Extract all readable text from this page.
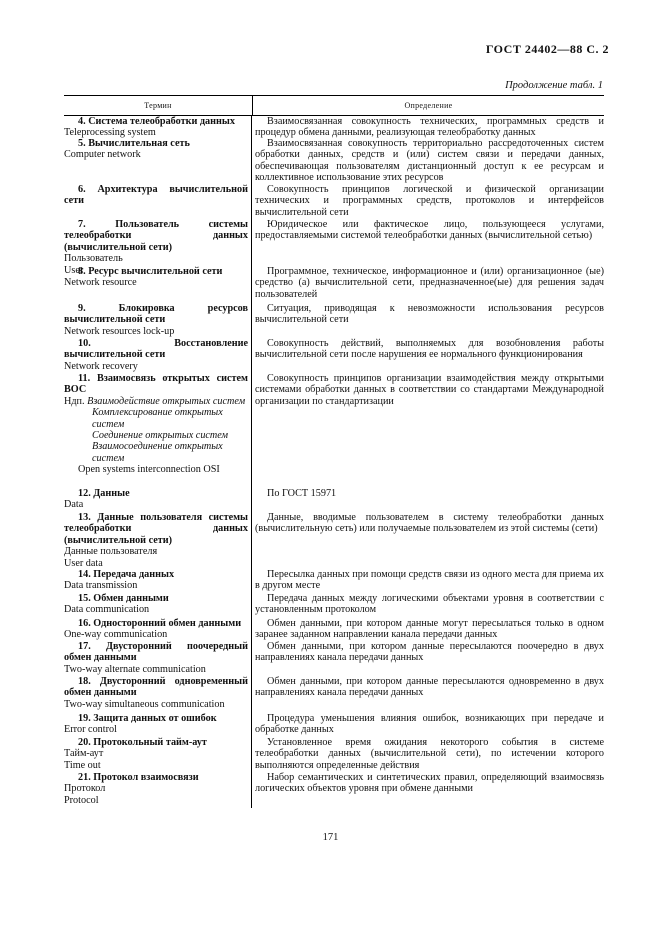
ГОСТ 24402—88 С. 2
Продолжение табл. 1
Термин	Определение
4. Система телеобработки данных
Teleprocessing system
Взаимосвязанная совокупность технических, программных средств и процедур обмена данными, реализующая телеобработку данных
5. Вычислительная сеть
Computer network
Взаимосвязанная совокупность территориально рассредоточенных систем обработки данных, средств и (или) систем связи и передачи данных, обеспечивающая пользователям дистанционный доступ к ее ресурсам и коллективное использование этих ресурсов
6. Архитектура вычислительной сети
Совокупность принципов логической и физической организации технических и программных средств, протоколов и интерфейсов вычислительной сети
7. Пользователь системы телеобработки данных (вычислительной сети)
Пользователь
User
Юридическое или фактическое лицо, пользующееся услугами, предоставляемыми системой телеобработки данных (вычислительной сетью)
8. Ресурс вычислительной сети
Network resource
Программное, техническое, информационное и (или) организационное (ые) средство (а) вычислительной сети, предназначенное(ые) для решения задач пользователей
9. Блокировка ресурсов вычислительной сети
Network resources lock-up
Ситуация, приводящая к невозможности использования ресурсов вычислительной сети
10. Восстановление вычислительной сети
Network recovery
Совокупность действий, выполняемых для возобновления работы вычислительной сети после нарушения ее нормального функционирования
11. Взаимосвязь открытых систем ВОС
Ндп. Взаимодействие открытых систем
Комплексирование открытых систем
Соединение открытых систем
Взаимосоединение открытых систем
Open systems interconnection OSI
Совокупность принципов организации взаимодействия между открытыми системами обработки данных в соответствии со стандартами Международной организации по стандартизации
12. Данные
Data
По ГОСТ 15971
13. Данные пользователя системы телеобработки данных (вычислительной сети)
Данные пользователя
User data
Данные, вводимые пользователем в систему телеобработки данных (вычислительную сеть) или получаемые пользователем из этой системы (сети)
14. Передача данных
Data transmission
Пересылка данных при помощи средств связи из одного места для приема их в другом месте
15. Обмен данными
Data communication
Передача данных между логическими объектами уровня в соответствии с установленным протоколом
16. Односторонний обмен данными
One-way communication
Обмен данными, при котором данные могут пересылаться только в одном заранее заданном направлении канала передачи данных
17. Двусторонний поочередный обмен данными
Two-way alternate communication
Обмен данными, при котором данные пересылаются поочередно в двух направлениях канала передачи данных
18. Двусторонний одновременный обмен данными
Two-way simultaneous communication
Обмен данными, при котором данные пересылаются одновременно в двух направлениях канала передачи данных
19. Защита данных от ошибок
Error control
Процедура уменьшения влияния ошибок, возникающих при передаче и обработке данных
20. Протокольный тайм-аут
Тайм-аут
Time out
Установленное время ожидания некоторого события в системе телеобработки данных (вычислительной сети), по истечении которого выполняются определенные действия
21. Протокол взаимосвязи
Протокол
Protocol
Набор семантических и синтетических правил, определяющий взаимосвязь логических объектов уровня при обмене данными
171
